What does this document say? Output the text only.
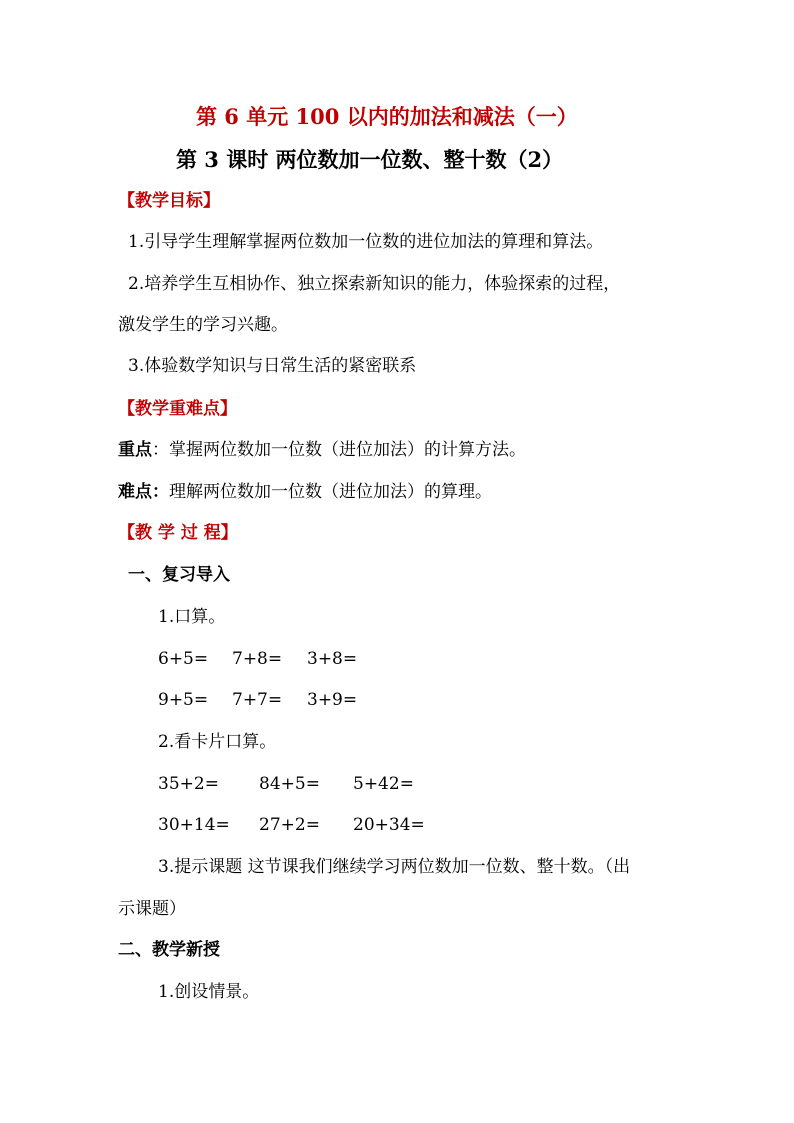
第 6 单元 100 以内的加法和减法（一）
第 3 课时 两位数加一位数、整十数（2）
【教学目标】
1.引导学生理解掌握两位数加一位数的进位加法的算理和算法。
2.培养学生互相协作、独立探索新知识的能力，体验探索的过程，
激发学生的学习兴趣。
3.体验数学知识与日常生活的紧密联系
【教学重难点】
重点：掌握两位数加一位数（进位加法）的计算方法。
难点：理解两位数加一位数（进位加法）的算理。
【教 学 过 程】
一、复习导入
1.口算。
6+5= 7+8= 3+8=
9+5= 7+7= 3+9=
2.看卡片口算。
35+2= 84+5= 5+42=
30+14= 27+2= 20+34=
3.提示课题 这节课我们继续学习两位数加一位数、整十数。（出
示课题）
二、教学新授
1.创设情景。
